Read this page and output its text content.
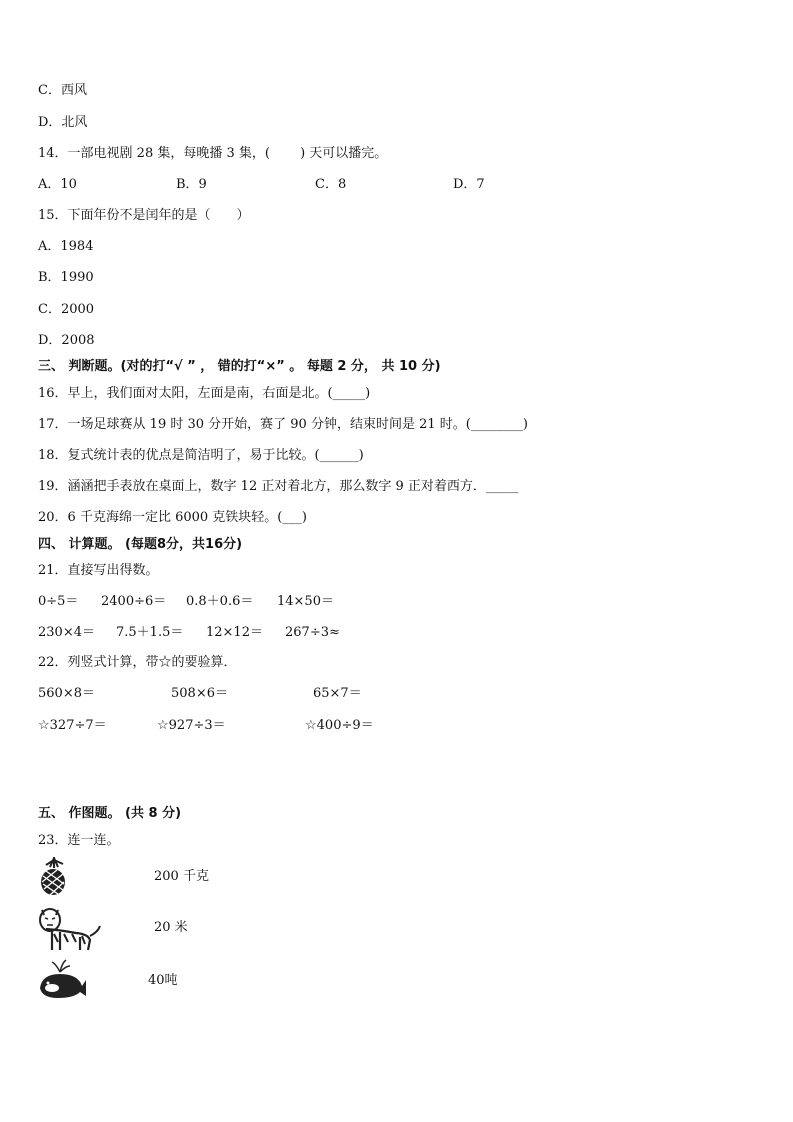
C．西风
D．北风
14．一部电视剧 28 集，每晚播 3 集，(　　 ) 天可以播完。
A．10	B．9	C．8	D．7
15．下面年份不是闰年的是（　　）
A．1984
B．1990
C．2000
D．2008
三、 判断题。(对的打“√ ” ， 错的打“×” 。 每题 2 分， 共 10 分)
16．早上，我们面对太阳，左面是南，右面是北。(_____)
17．一场足球赛从 19 时 30 分开始，赛了 90 分钟，结束时间是 21 时。(________)
18．复式统计表的优点是简洁明了，易于比较。(______)
19．涵涵把手表放在桌面上，数字 12 正对着北方，那么数字 9 正对着西方．_____
20．6 千克海绵一定比 6000 克铁块轻。(___)
四、 计算题。 (每题8分，共16分)
21．直接写出得数。
0÷5＝ 2400÷6＝ 0.8＋0.6＝ 14×50＝
230×4＝ 7.5＋1.5＝ 12×12＝ 267÷3≈
22．列竖式计算，带☆的要验算．
560×8＝	508×6＝	65×7＝
☆327÷7＝	☆927÷3＝	☆400÷9＝
五、 作图题。 (共 8 分)
23．连一连。
200 千克
20 米
40吨
